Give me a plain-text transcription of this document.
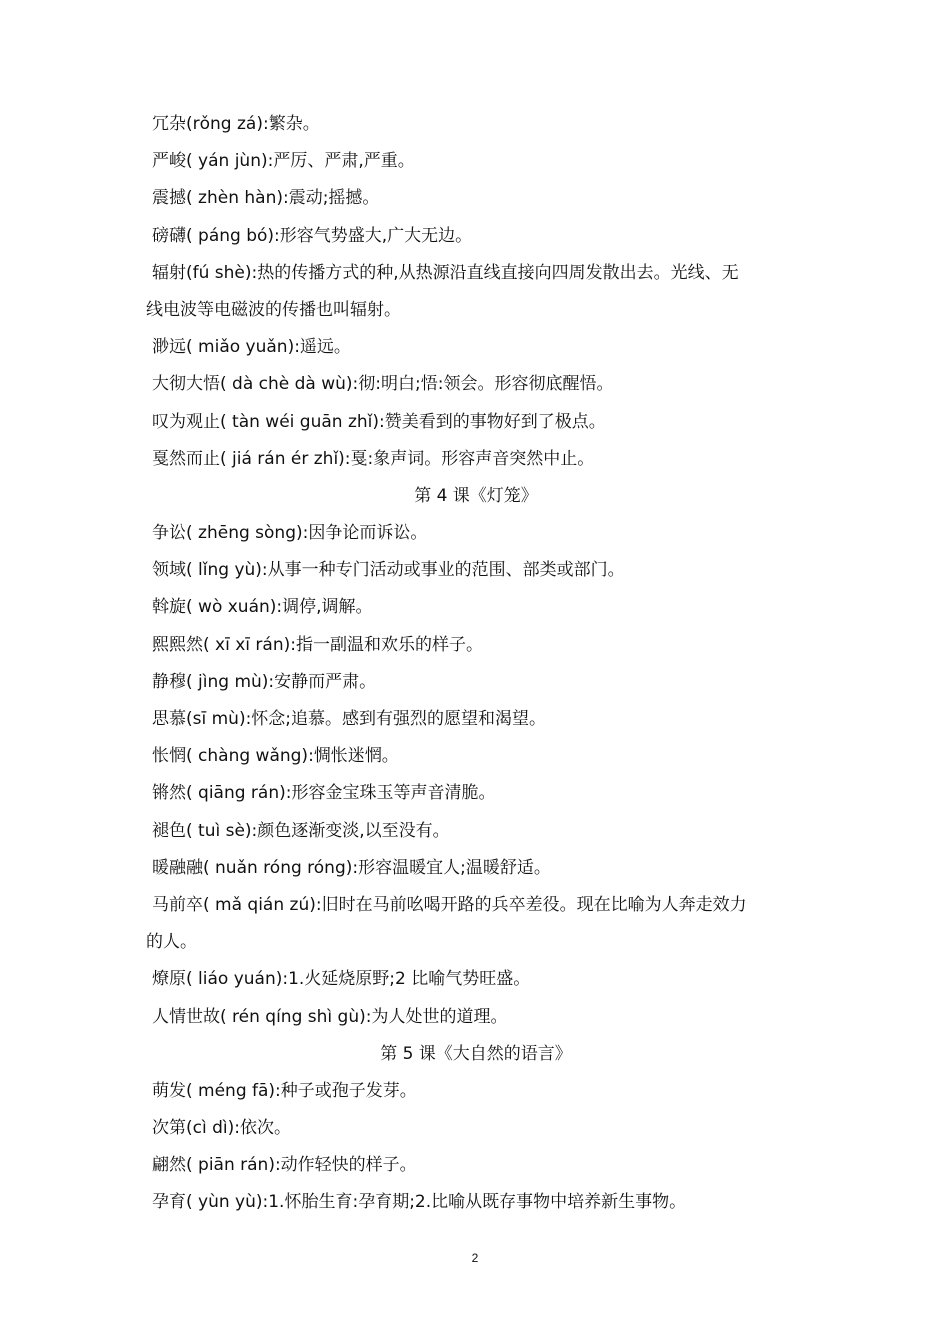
冗杂(rǒng zá):繁杂。
严峻( yán jùn):严厉、严肃,严重。
震撼( zhèn hàn):震动;摇撼。
磅礴( páng bó):形容气势盛大,广大无边。
辐射(fú shè):热的传播方式的种,从热源沿直线直接向四周发散出去。光线、无
线电波等电磁波的传播也叫辐射。
渺远( miǎo yuǎn):遥远。
大彻大悟( dà chè dà wù):彻:明白;悟:领会。形容彻底醒悟。
叹为观止( tàn wéi guān zhǐ):赞美看到的事物好到了极点。
戛然而止( jiá rán ér zhǐ):戛:象声词。形容声音突然中止。
第 4 课《灯笼》
争讼( zhēng sòng):因争论而诉讼。
领域( lǐng yù):从事一种专门活动或事业的范围、部类或部门。
斡旋( wò xuán):调停,调解。
熙熙然( xī xī rán):指一副温和欢乐的样子。
静穆( jìng mù):安静而严肃。
思慕(sī mù):怀念;追慕。感到有强烈的愿望和渴望。
怅惘( chàng wǎng):惆怅迷惘。
锵然( qiāng rán):形容金宝珠玉等声音清脆。
褪色( tuì sè):颜色逐渐变淡,以至没有。
暖融融( nuǎn róng róng):形容温暖宜人;温暖舒适。
马前卒( mǎ qián zú):旧时在马前吆喝开路的兵卒差役。现在比喻为人奔走效力
的人。
燎原( liáo yuán):1.火延烧原野;2 比喻气势旺盛。
人情世故( rén qíng shì gù):为人处世的道理。
第 5 课《大自然的语言》
萌发( méng fā):种子或孢子发芽。
次第(cì dì):依次。
翩然( piān rán):动作轻快的样子。
孕育( yùn yù):1.怀胎生育:孕育期;2.比喻从既存事物中培养新生事物。
2
